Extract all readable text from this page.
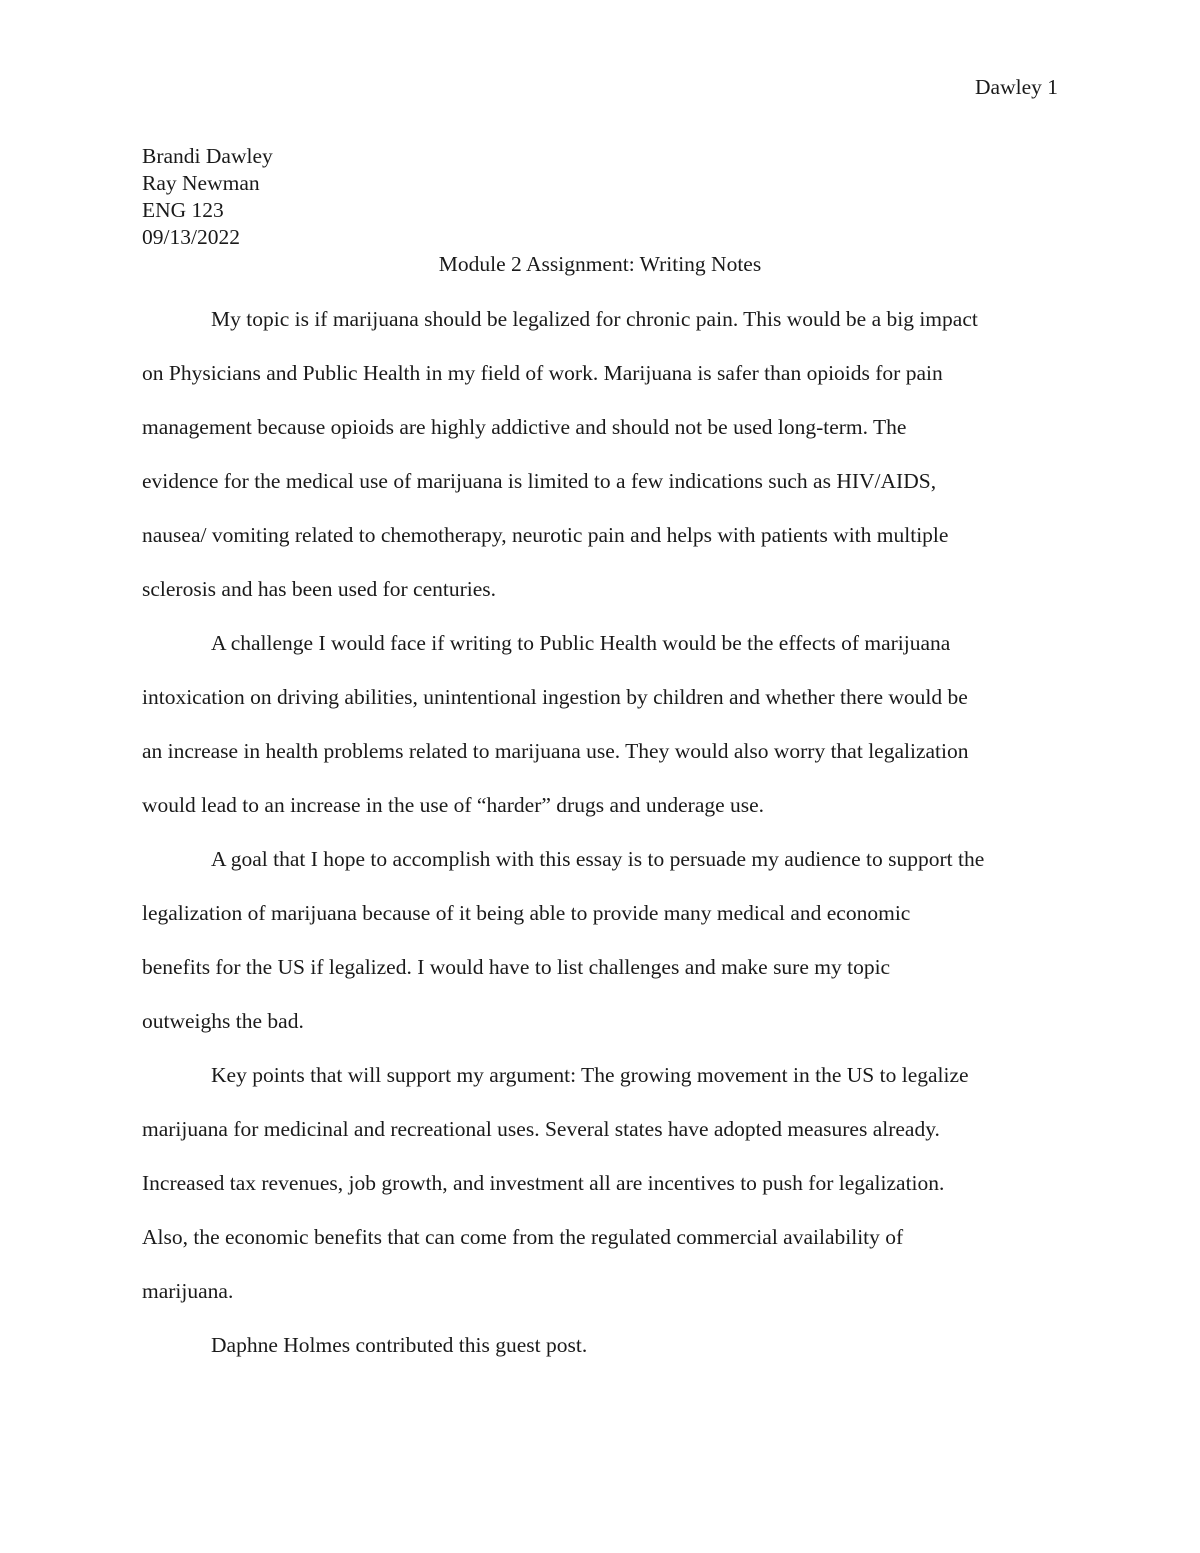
Dawley 1
Brandi Dawley
Ray Newman
ENG 123
09/13/2022
Module 2 Assignment: Writing Notes
My topic is if marijuana should be legalized for chronic pain. This would be a big impact
on Physicians and Public Health in my field of work. Marijuana is safer than opioids for pain
management because opioids are highly addictive and should not be used long-term. The
evidence for the medical use of marijuana is limited to a few indications such as HIV/AIDS,
nausea/ vomiting related to chemotherapy, neurotic pain and helps with patients with multiple
sclerosis and has been used for centuries.
A challenge I would face if writing to Public Health would be the effects of marijuana
intoxication on driving abilities, unintentional ingestion by children and whether there would be
an increase in health problems related to marijuana use. They would also worry that legalization
would lead to an increase in the use of “harder” drugs and underage use.
A goal that I hope to accomplish with this essay is to persuade my audience to support the
legalization of marijuana because of it being able to provide many medical and economic
benefits for the US if legalized. I would have to list challenges and make sure my topic
outweighs the bad.
Key points that will support my argument: The growing movement in the US to legalize
marijuana for medicinal and recreational uses. Several states have adopted measures already.
Increased tax revenues, job growth, and investment all are incentives to push for legalization.
Also, the economic benefits that can come from the regulated commercial availability of
marijuana.
Daphne Holmes contributed this guest post.
